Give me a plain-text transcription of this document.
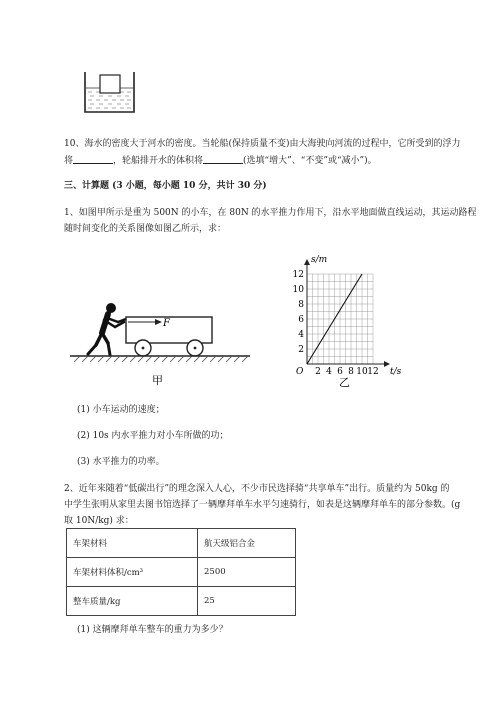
10、海水的密度大于河水的密度。当轮船(保持质量不变)由大海驶向河流的过程中，它所受到的浮力
将	，轮船排开水的体积将	(选填“增大”、“不变”或“减小”)。
三、计算题 (3 小题，每小题 10 分，共计 30 分)
1、如图甲所示是重为 500N 的小车，在 80N 的水平推力作用下，沿水平地面做直线运动，其运动路程
随时间变化的关系图像如图乙所示，求：
F
甲
2 4 6 8 10 12
2
4
6
8
10
12
s/m
t/s
O
乙
(1) 小车运动的速度；
(2) 10s 内水平推力对小车所做的功；
(3) 水平推力的功率。
2、近年来随着“低碳出行”的理念深入人心，不少市民选择骑“共享单车”出行。质量约为 50kg 的
中学生张明从家里去图书馆选择了一辆摩拜单车水平匀速骑行，如表是这辆摩拜单车的部分参数。(g
取 10N/kg) 求：
车架材料	航天级铝合金
车架材料体积/cm³	2500
整车质量/kg	25
(1) 这辆摩拜单车整车的重力为多少？
